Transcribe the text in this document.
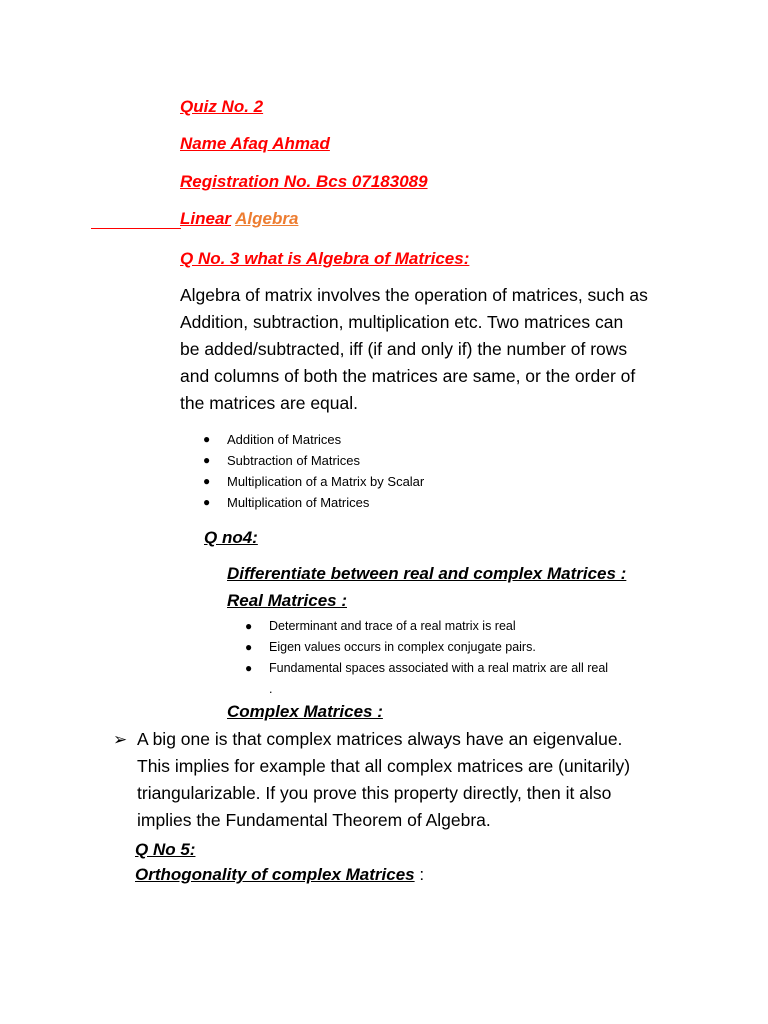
Quiz No. 2
Name Afaq Ahmad
Registration No. Bcs 07183089
Linear Algebra
Q No. 3 what is Algebra of Matrices:
Algebra of matrix involves the operation of matrices, such as
Addition, subtraction, multiplication etc. Two matrices can
be added/subtracted, iff (if and only if) the number of rows
and columns of both the matrices are same, or the order of
the matrices are equal.
● Addition of Matrices
● Subtraction of Matrices
● Multiplication of a Matrix by Scalar
● Multiplication of Matrices
Q no4:
Differentiate between real and complex Matrices :
Real Matrices :
● Determinant and trace of a real matrix is real
● Eigen values occurs in complex conjugate pairs.
● Fundamental spaces associated with a real matrix are all real
.
Complex Matrices :
➢ A big one is that complex matrices always have an eigenvalue.
This implies for example that all complex matrices are (unitarily)
triangularizable. If you prove this property directly, then it also
implies the Fundamental Theorem of Algebra.
Q No 5:
Orthogonality of complex Matrices :
